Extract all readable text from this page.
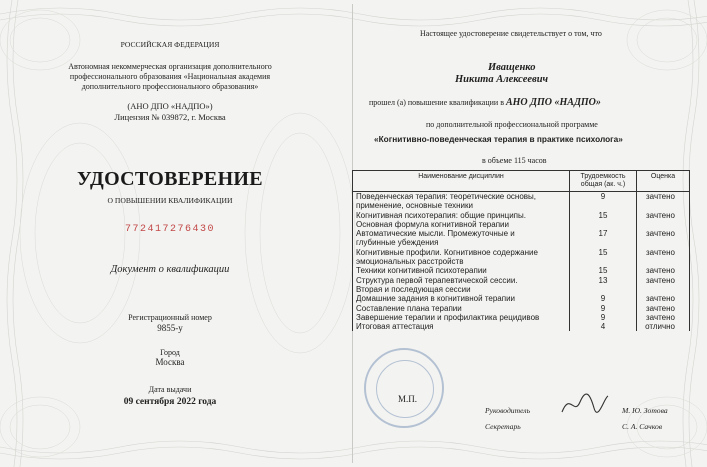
РОССИЙСКАЯ ФЕДЕРАЦИЯ
Автономная некоммерческая организация дополнительного
профессионального образования «Национальная академия
дополнительного профессионального образования»
(АНО ДПО «НАДПО»)
Лицензия № 039872, г. Москва
УДОСТОВЕРЕНИЕ
О ПОВЫШЕНИИ КВАЛИФИКАЦИИ
772417276430
Документ о квалификации
Регистрационный номер
9855-у
Город
Москва
Дата выдачи
09 сентября 2022 года
Настоящее удостоверение свидетельствует о том, что
Иващенко
Никита Алексеевич
прошел (а) повышение квалификации в АНО ДПО «НАДПО»
по дополнительной профессиональной программе
«Когнитивно-поведенческая терапия в практике психолога»
в объеме 115 часов
Наименование дисциплин	Трудоемкость общая (ак. ч.)	Оценка
Поведенческая терапия: теоретические основы,	9	зачтено
применение, основные техники		
Когнитивная психотерапия: общие принципы.	15	зачтено
Основная формула когнитивной терапии		
Автоматические мысли. Промежуточные и	17	зачтено
глубинные убеждения		
Когнитивные профили. Когнитивное содержание	15	зачтено
эмоциональных расстройств		
Техники когнитивной психотерапии	15	зачтено
Структура первой терапевтической сессии.	13	зачтено
Вторая и последующая сессии		
Домашние задания в когнитивной терапии	9	зачтено
Составление плана терапии	9	зачтено
Завершение терапии и профилактика рецидивов	9	зачтено
Итоговая аттестация	4	отлично
М.П.
Руководитель	М. Ю. Зотова
Секретарь	С. А. Сачков
